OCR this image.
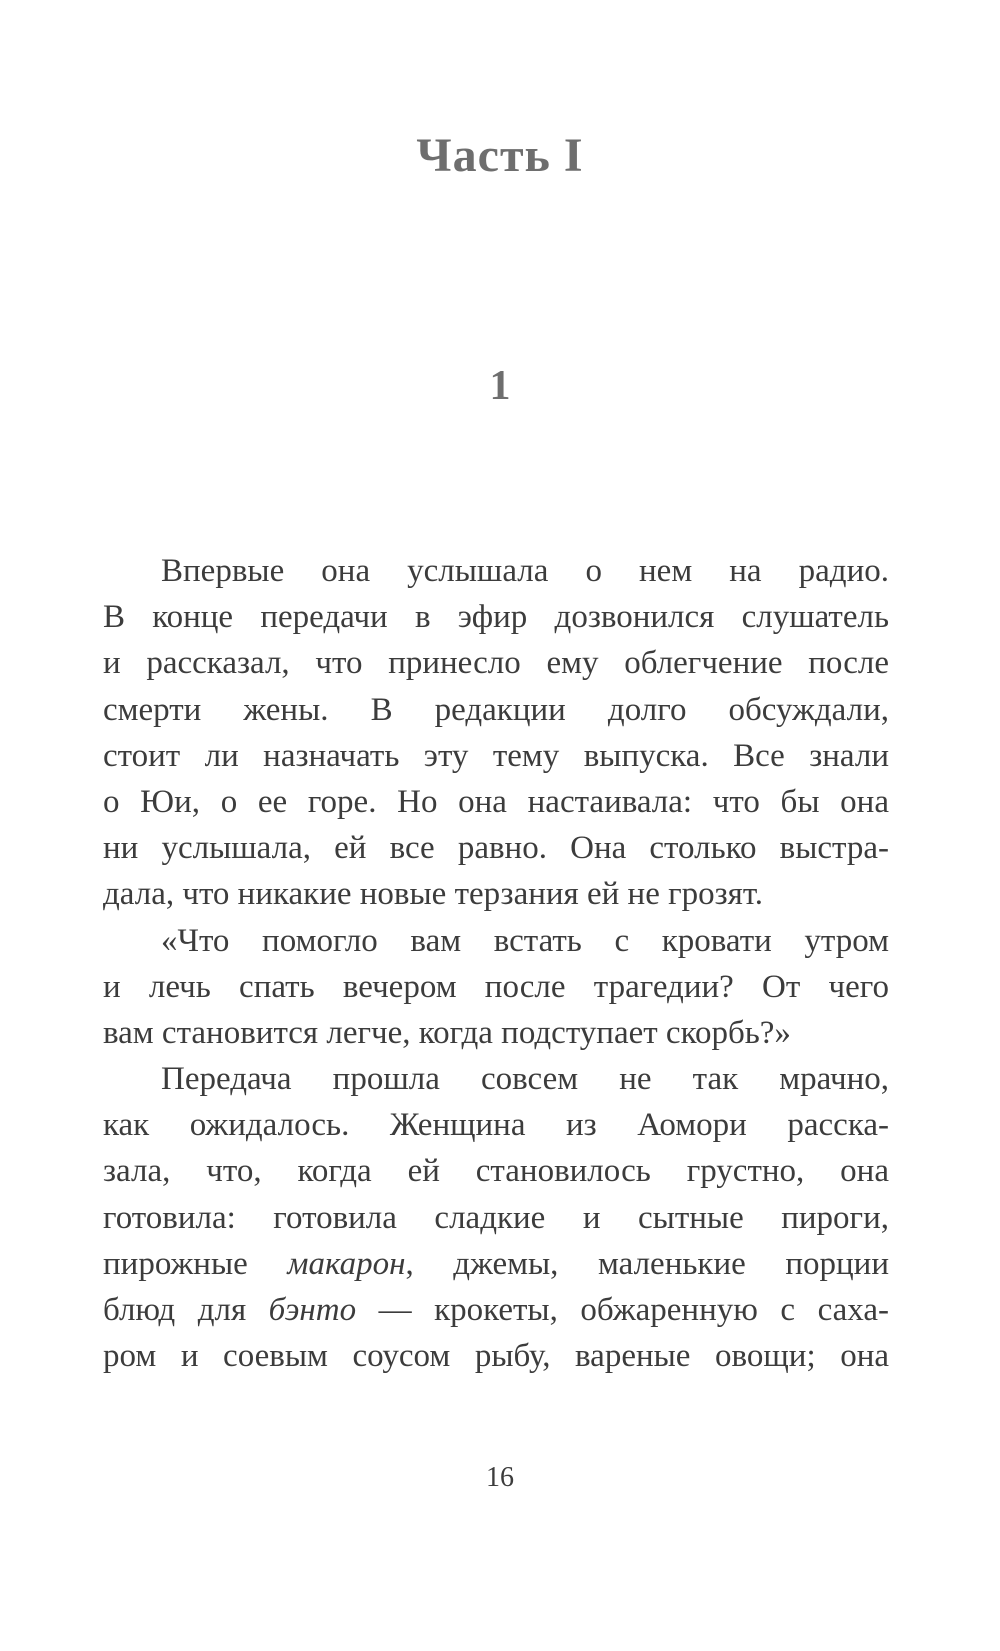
Часть I
1
Впервые она услышала о нем на радио.
В конце передачи в эфир дозвонился слушатель
и рассказал, что принесло ему облегчение после
смерти жены. В редакции долго обсуждали,
стоит ли назначать эту тему выпуска. Все знали
о Юи, о ее горе. Но она настаивала: что бы она
ни услышала, ей все равно. Она столько выстра-
дала, что никакие новые терзания ей не грозят.
«Что помогло вам встать с кровати утром
и лечь спать вечером после трагедии? От чего
вам становится легче, когда подступает скорбь?»
Передача прошла совсем не так мрачно,
как ожидалось. Женщина из Аомори расска-
зала, что, когда ей становилось грустно, она
готовила: готовила сладкие и сытные пироги,
пирожные макарон, джемы, маленькие порции
блюд для бэнто — крокеты, обжаренную с саха-
ром и соевым соусом рыбу, вареные овощи; она
16
